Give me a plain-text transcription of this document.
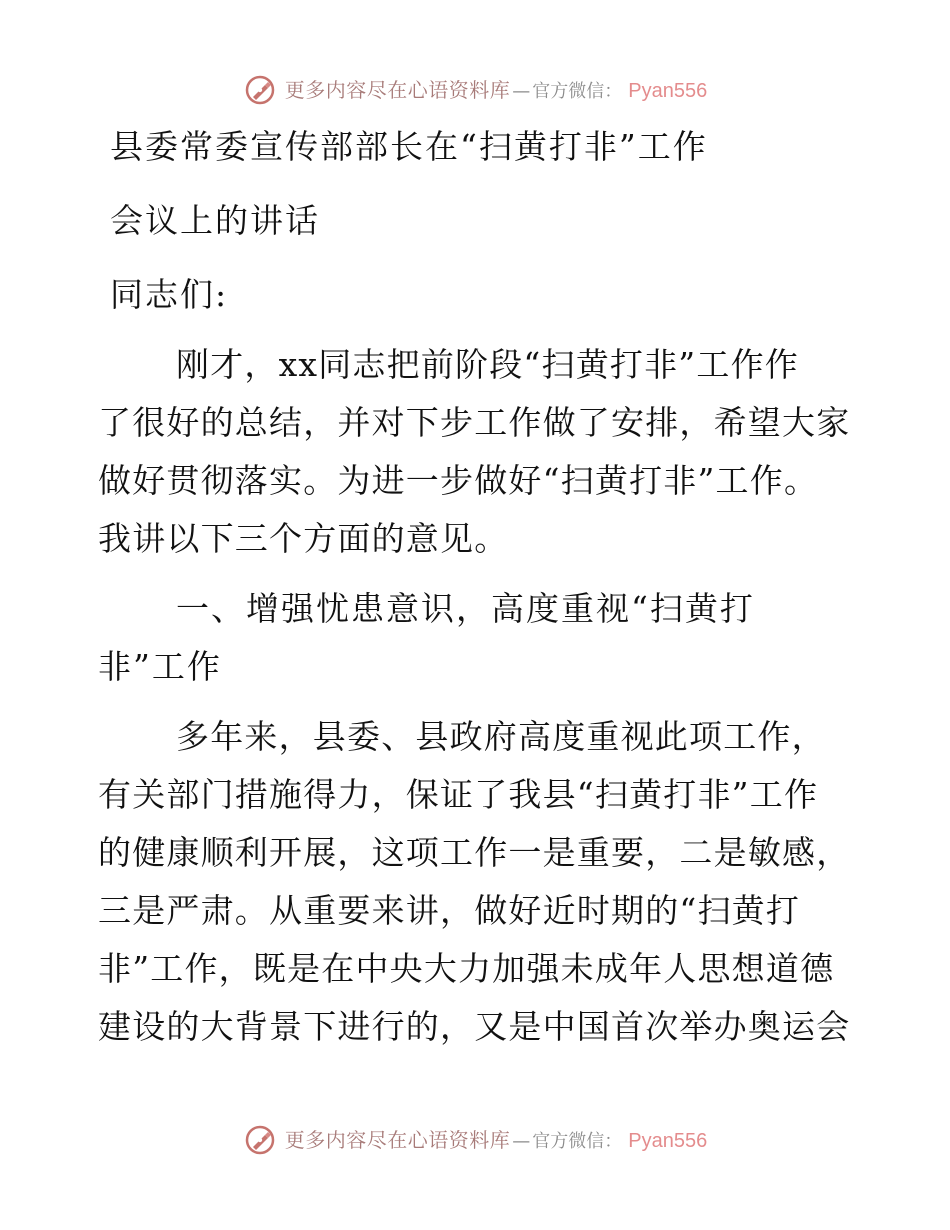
更多内容尽在心语资料库 — 官方微信： Pyan556

县委常委宣传部部长在“扫黄打非”工作

会议上的讲话

同志们:

刚才，xx同志把前阶段“扫黄打非”工作作
了很好的总结，并对下步工作做了安排，希望大家
做好贯彻落实。为进一步做好“扫黄打非”工作。
我讲以下三个方面的意见。

一、增强忧患意识，高度重视“扫黄打
非”工作

多年来，县委、县政府高度重视此项工作，
有关部门措施得力，保证了我县“扫黄打非”工作
的健康顺利开展，这项工作一是重要，二是敏感，
三是严肃。从重要来讲，做好近时期的“扫黄打
非”工作，既是在中央大力加强未成年人思想道德
建设的大背景下进行的，又是中国首次举办奥运会

更多内容尽在心语资料库 — 官方微信： Pyan556
